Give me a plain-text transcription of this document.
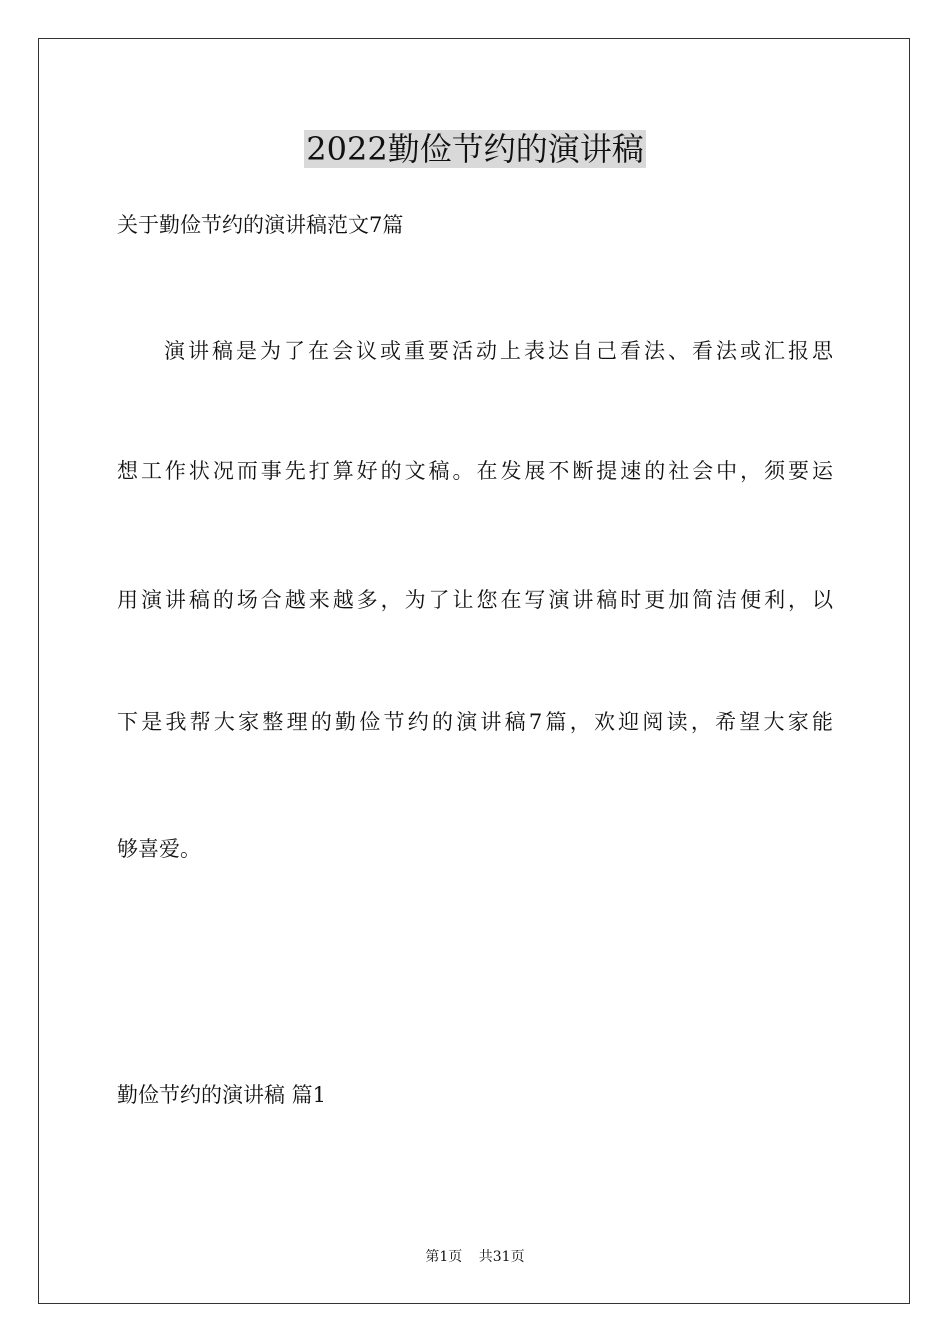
2022勤俭节约的演讲稿
关于勤俭节约的演讲稿范文7篇
演讲稿是为了在会议或重要活动上表达自己看法、看法或汇报思
想工作状况而事先打算好的文稿。在发展不断提速的社会中，须要运
用演讲稿的场合越来越多，为了让您在写演讲稿时更加简洁便利，以
下是我帮大家整理的勤俭节约的演讲稿7篇，欢迎阅读，希望大家能
够喜爱。
勤俭节约的演讲稿 篇1
第1页 共31页
